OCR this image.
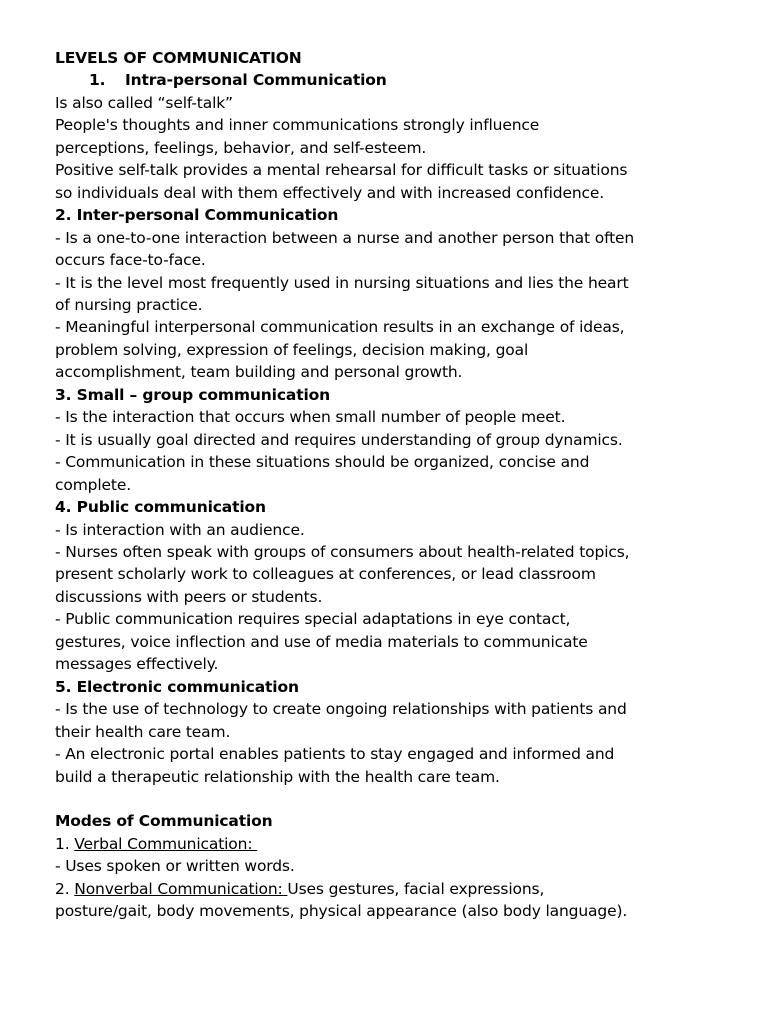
LEVELS OF COMMUNICATION
1. Intra-personal Communication
Is also called “self-talk”
People's thoughts and inner communications strongly influence
perceptions, feelings, behavior, and self-esteem.
Positive self-talk provides a mental rehearsal for difficult tasks or situations
so individuals deal with them effectively and with increased confidence.
2. Inter-personal Communication
- Is a one-to-one interaction between a nurse and another person that often
occurs face-to-face.
- It is the level most frequently used in nursing situations and lies the heart
of nursing practice.
- Meaningful interpersonal communication results in an exchange of ideas,
problem solving, expression of feelings, decision making, goal
accomplishment, team building and personal growth.
3. Small – group communication
- Is the interaction that occurs when small number of people meet.
- It is usually goal directed and requires understanding of group dynamics.
- Communication in these situations should be organized, concise and
complete.
4. Public communication
- Is interaction with an audience.
- Nurses often speak with groups of consumers about health-related topics,
present scholarly work to colleagues at conferences, or lead classroom
discussions with peers or students.
- Public communication requires special adaptations in eye contact,
gestures, voice inflection and use of media materials to communicate
messages effectively.
5. Electronic communication
- Is the use of technology to create ongoing relationships with patients and
their health care team.
- An electronic portal enables patients to stay engaged and informed and
build a therapeutic relationship with the health care team.
Modes of Communication
1. Verbal Communication:
- Uses spoken or written words.
2. Nonverbal Communication: Uses gestures, facial expressions,
posture/gait, body movements, physical appearance (also body language).
